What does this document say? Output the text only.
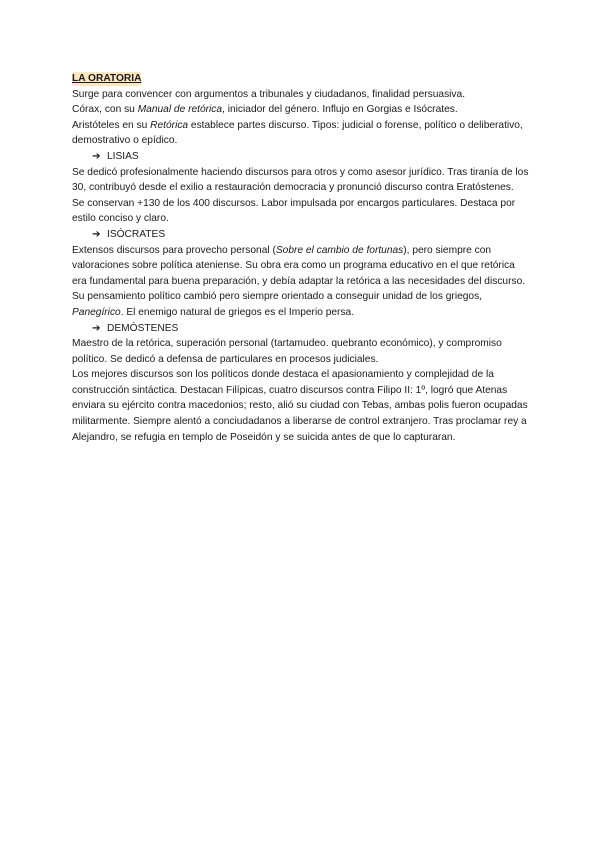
LA ORATORIA

Surge para convencer con argumentos a tribunales y ciudadanos, finalidad persuasiva.

Córax, con su Manual de retórica, iniciador del género. Influjo en Gorgias e Isócrates.

Aristóteles en su Retórica establece partes discurso. Tipos: judicial o forense, político o deliberativo, demostrativo o epídico.

➔ LISIAS

Se dedicó profesionalmente haciendo discursos para otros y como asesor jurídico. Tras tiranía de los 30, contribuyó desde el exilio a restauración democracia y pronunció discurso contra Eratóstenes.

Se conservan +130 de los 400 discursos. Labor impulsada por encargos particulares. Destaca por estilo conciso y claro.

➔ ISÓCRATES

Extensos discursos para provecho personal (Sobre el cambio de fortunas), pero siempre con valoraciones sobre política ateniense. Su obra era como un programa educativo en el que retórica era fundamental para buena preparación, y debía adaptar la retórica a las necesidades del discurso.

Su pensamiento político cambió pero siempre orientado a conseguir unidad de los griegos, Panegírico. El enemigo natural de griegos es el Imperio persa.

➔ DEMÓSTENES

Maestro de la retórica, superación personal (tartamudeo. quebranto económico), y compromiso político. Se dedicó a defensa de particulares en procesos judiciales.

Los mejores discursos son los políticos donde destaca el apasionamiento y complejidad de la construcción sintáctica. Destacan Filípicas, cuatro discursos contra Filipo II: 1º, logró que Atenas enviara su ejército contra macedonios; resto, alió su ciudad con Tebas, ambas polis fueron ocupadas militarmente. Siempre alentó a conciudadanos a liberarse de control extranjero. Tras proclamar rey a Alejandro, se refugia en templo de Poseidón y se suicida antes de que lo capturaran.
